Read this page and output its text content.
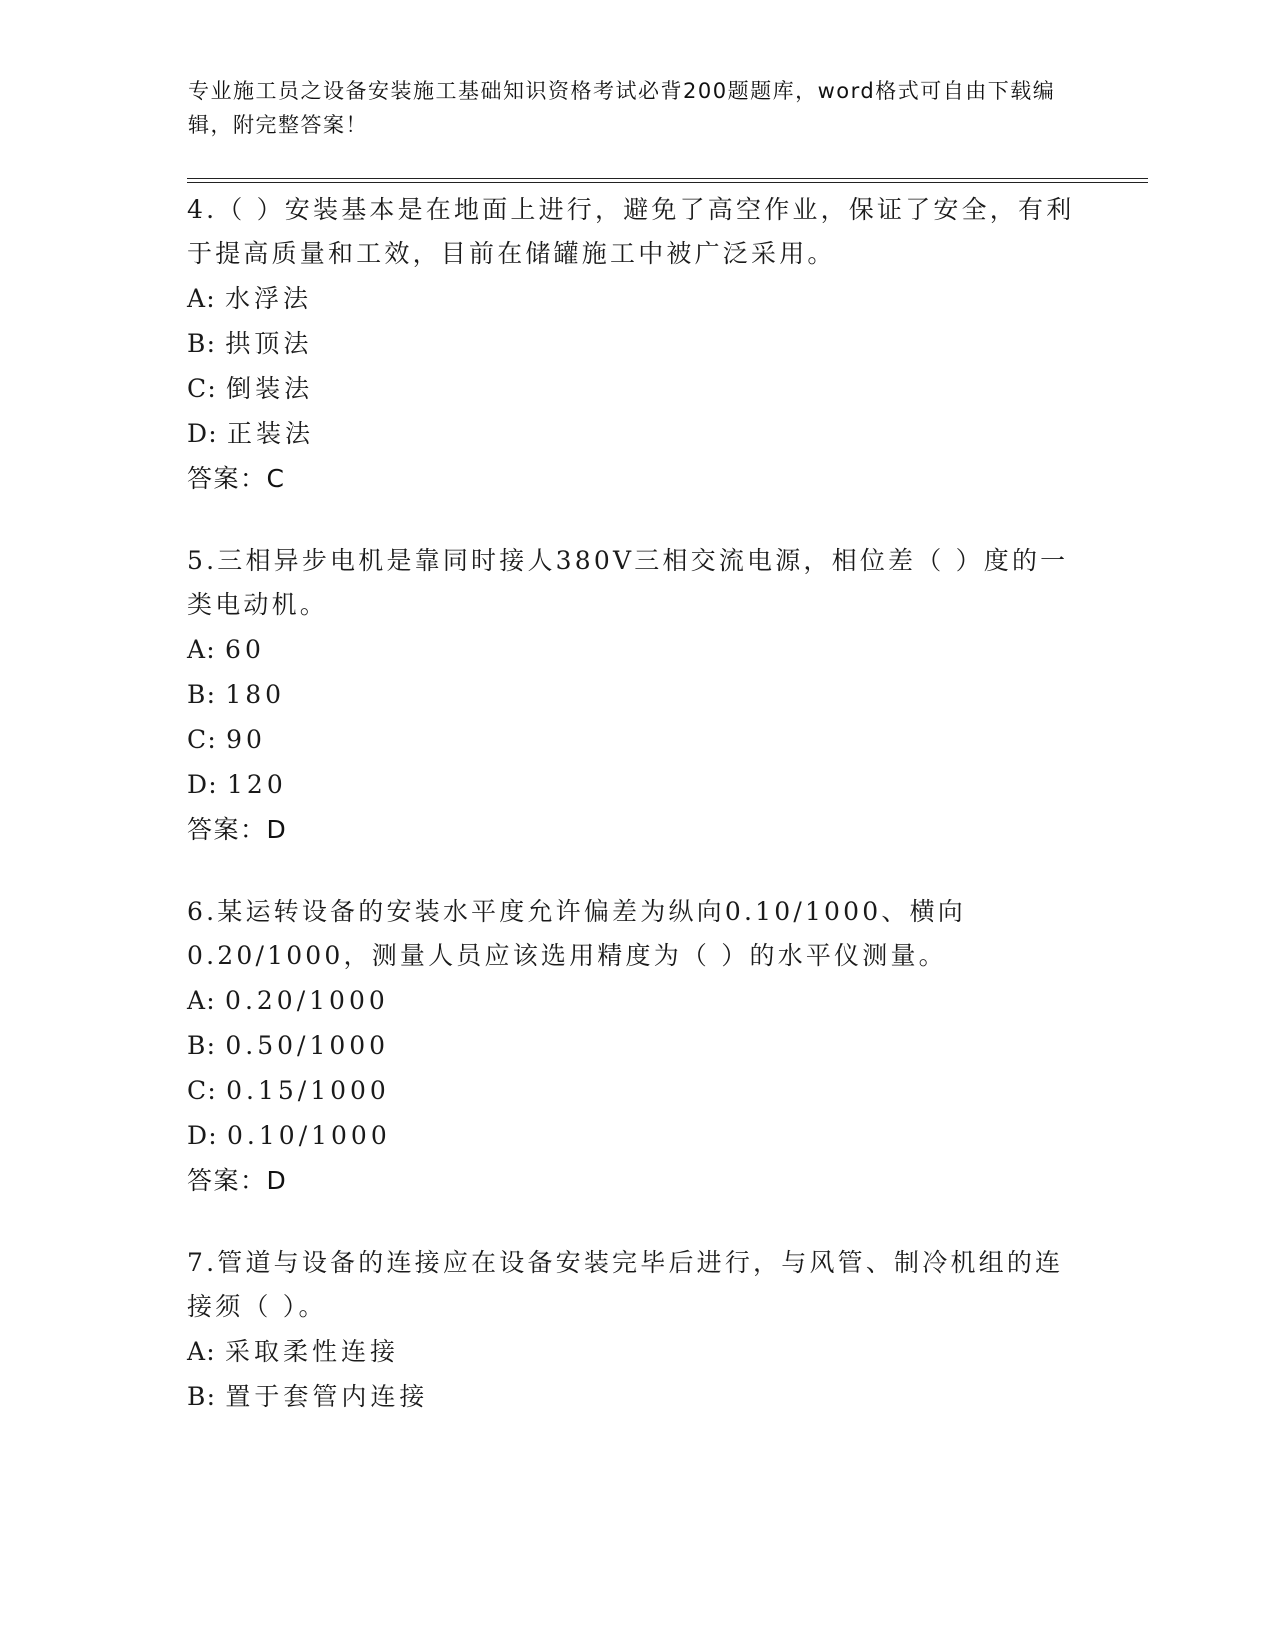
专业施工员之设备安装施工基础知识资格考试必背200题题库，word格式可自由下载编辑，附完整答案！
4.（ ）安装基本是在地面上进行，避免了高空作业，保证了安全，有利于提高质量和工效，目前在储罐施工中被广泛采用。
A: 水浮法
B: 拱顶法
C: 倒装法
D: 正装法
答案：C
5.三相异步电机是靠同时接人380V三相交流电源，相位差（ ）度的一类电动机。
A: 60
B: 180
C: 90
D: 120
答案：D
6.某运转设备的安装水平度允许偏差为纵向0.10/1000、横向0.20/1000，测量人员应该选用精度为（ ）的水平仪测量。
A: 0.20/1000
B: 0.50/1000
C: 0.15/1000
D: 0.10/1000
答案：D
7.管道与设备的连接应在设备安装完毕后进行，与风管、制冷机组的连接须（ ）。
A: 采取柔性连接
B: 置于套管内连接
